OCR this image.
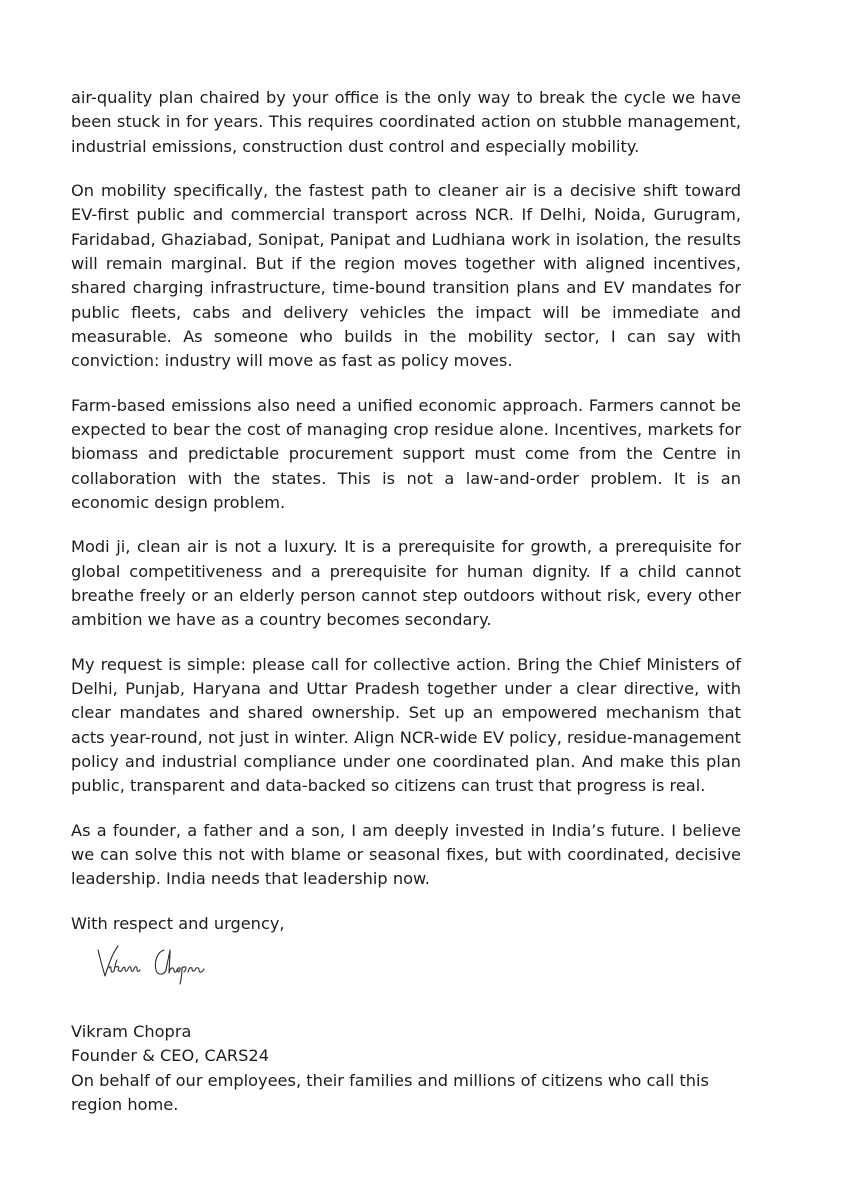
air-quality plan chaired by your office is the only way to break the cycle we have been stuck in for years. This requires coordinated action on stubble management, industrial emissions, construction dust control and especially mobility.

On mobility specifically, the fastest path to cleaner air is a decisive shift toward EV-first public and commercial transport across NCR. If Delhi, Noida, Gurugram, Faridabad, Ghaziabad, Sonipat, Panipat and Ludhiana work in isolation, the results will remain marginal. But if the region moves together with aligned incentives, shared charging infrastructure, time-bound transition plans and EV mandates for public fleets, cabs and delivery vehicles the impact will be immediate and measurable. As someone who builds in the mobility sector, I can say with conviction: industry will move as fast as policy moves.

Farm-based emissions also need a unified economic approach. Farmers cannot be expected to bear the cost of managing crop residue alone. Incentives, markets for biomass and predictable procurement support must come from the Centre in collaboration with the states. This is not a law-and-order problem. It is an economic design problem.

Modi ji, clean air is not a luxury. It is a prerequisite for growth, a prerequisite for global competitiveness and a prerequisite for human dignity. If a child cannot breathe freely or an elderly person cannot step outdoors without risk, every other ambition we have as a country becomes secondary.

My request is simple: please call for collective action. Bring the Chief Ministers of Delhi, Punjab, Haryana and Uttar Pradesh together under a clear directive, with clear mandates and shared ownership. Set up an empowered mechanism that acts year-round, not just in winter. Align NCR-wide EV policy, residue-management policy and industrial compliance under one coordinated plan. And make this plan public, transparent and data-backed so citizens can trust that progress is real.

As a founder, a father and a son, I am deeply invested in India’s future. I believe we can solve this not with blame or seasonal fixes, but with coordinated, decisive leadership. India needs that leadership now.

With respect and urgency,

Vikram Chopra
Founder & CEO, CARS24
On behalf of our employees, their families and millions of citizens who call this region home.
